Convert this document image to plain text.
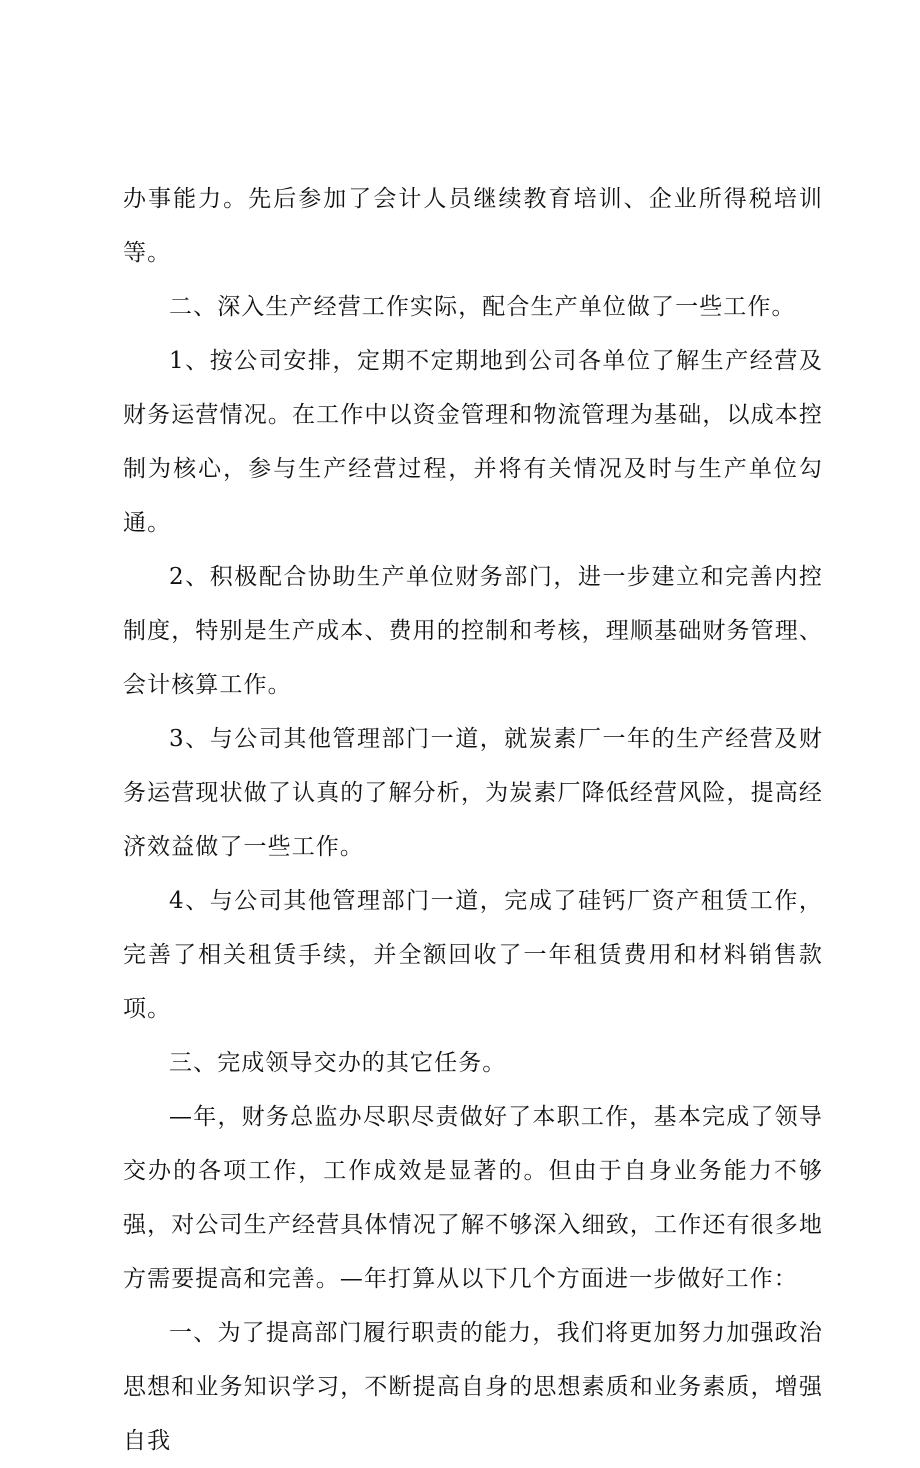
办事能力。先后参加了会计人员继续教育培训、企业所得税培训等。

二、深入生产经营工作实际，配合生产单位做了一些工作。

1、按公司安排，定期不定期地到公司各单位了解生产经营及财务运营情况。在工作中以资金管理和物流管理为基础，以成本控制为核心，参与生产经营过程，并将有关情况及时与生产单位勾通。

2、积极配合协助生产单位财务部门，进一步建立和完善内控制度，特别是生产成本、费用的控制和考核，理顺基础财务管理、会计核算工作。

3、与公司其他管理部门一道，就炭素厂一年的生产经营及财务运营现状做了认真的了解分析，为炭素厂降低经营风险，提高经济效益做了一些工作。

4、与公司其他管理部门一道，完成了硅钙厂资产租赁工作，完善了相关租赁手续，并全额回收了一年租赁费用和材料销售款项。

三、完成领导交办的其它任务。

—年，财务总监办尽职尽责做好了本职工作，基本完成了领导交办的各项工作，工作成效是显著的。但由于自身业务能力不够强，对公司生产经营具体情况了解不够深入细致，工作还有很多地方需要提高和完善。—年打算从以下几个方面进一步做好工作：

一、为了提高部门履行职责的能力，我们将更加努力加强政治思想和业务知识学习，不断提高自身的思想素质和业务素质，增强自我
